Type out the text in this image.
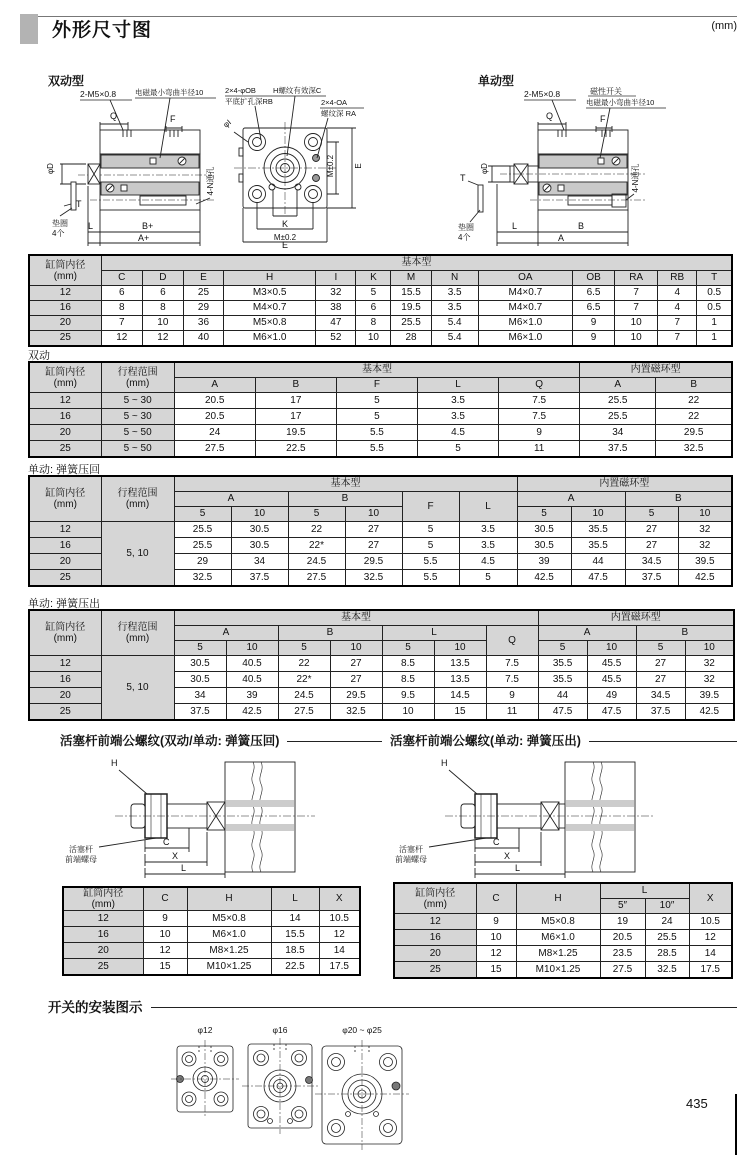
外形尺寸图	(mm)
双动型	单动型
2-M5×0.8	电磁最小弯曲半径10	2×4-φOB
平底扩孔深RB
H螺纹有效深C
2×4-OA
螺纹深 RA
Q	F
φD	4-N通孔
T
垫圈
4个
L	B+
A+
φI
M±0.2 E
K
M±0.2
E
2-M5×0.8	磁性开关
电磁最小弯曲半径10
Q	F
φD	4-N通孔
T
垫圈
4个
L	B
A
缸筒内径
(mm)	基本型												
	C	D	E	H	I	K	M	N	OA	OB	RA	RB	T
12	6	6	25	M3×0.5	32	5	15.5	3.5	M4×0.7	6.5	7	4	0.5
16	8	8	29	M4×0.7	38	6	19.5	3.5	M4×0.7	6.5	7	4	0.5
20	7	10	36	M5×0.8	47	8	25.5	5.4	M6×1.0	9	10	7	1
25	12	12	40	M6×1.0	52	10	28	5.4	M6×1.0	9	10	7	1
双动
缸筒内径
(mm)	行程范围
(mm)	基本型					内置磁环型	
		A	B	F	L	Q	A	B
12	5 ~ 30	20.5	17	5	3.5	7.5	25.5	22
16	5 ~ 30	20.5	17	5	3.5	7.5	25.5	22
20	5 ~ 50	24	19.5	5.5	4.5	9	34	29.5
25	5 ~ 50	27.5	22.5	5.5	5	11	37.5	32.5
单动: 弹簧压回
缸筒内径
(mm)	行程范围
(mm)	基本型						内置磁环型			
		A		B		F	L	A		B	
		5	10	5	10			5	10	5	10
12	5, 10	25.5	30.5	22	27	5	3.5	30.5	35.5	27	32
16		25.5	30.5	22*	27	5	3.5	30.5	35.5	27	32
20		29	34	24.5	29.5	5.5	4.5	39	44	34.5	39.5
25		32.5	37.5	27.5	32.5	5.5	5	42.5	47.5	37.5	42.5
单动: 弹簧压出
缸筒内径
(mm)	行程范围
(mm)	基本型							内置磁环型			
		A		B		L		Q	A		B	
		5	10	5	10	5	10		5	10	5	10
12	5, 10	30.5	40.5	22	27	8.5	13.5	7.5	35.5	45.5	27	32
16		30.5	40.5	22*	27	8.5	13.5	7.5	35.5	45.5	27	32
20		34	39	24.5	29.5	9.5	14.5	9	44	49	34.5	39.5
25		37.5	42.5	27.5	32.5	10	15	11	47.5	47.5	37.5	42.5
活塞杆前端公螺纹(双动/单动: 弹簧压回)	活塞杆前端公螺纹(单动: 弹簧压出)
H
活塞杆
前端螺母
C
X
L
H
活塞杆
前端螺母
C
X
L
缸筒内径
(mm)	C	H	L	X
12	9	M5×0.8	14	10.5
16	10	M6×1.0	15.5	12
20	12	M8×1.25	18.5	14
25	15	M10×1.25	22.5	17.5
缸筒内径
(mm)	C	H	L		X
			5″	10″	
12	9	M5×0.8	19	24	10.5
16	10	M6×1.0	20.5	25.5	12
20	12	M8×1.25	23.5	28.5	14
25	15	M10×1.25	27.5	32.5	17.5
开关的安装图示
φ12	φ16	φ20 ~ φ25
435
